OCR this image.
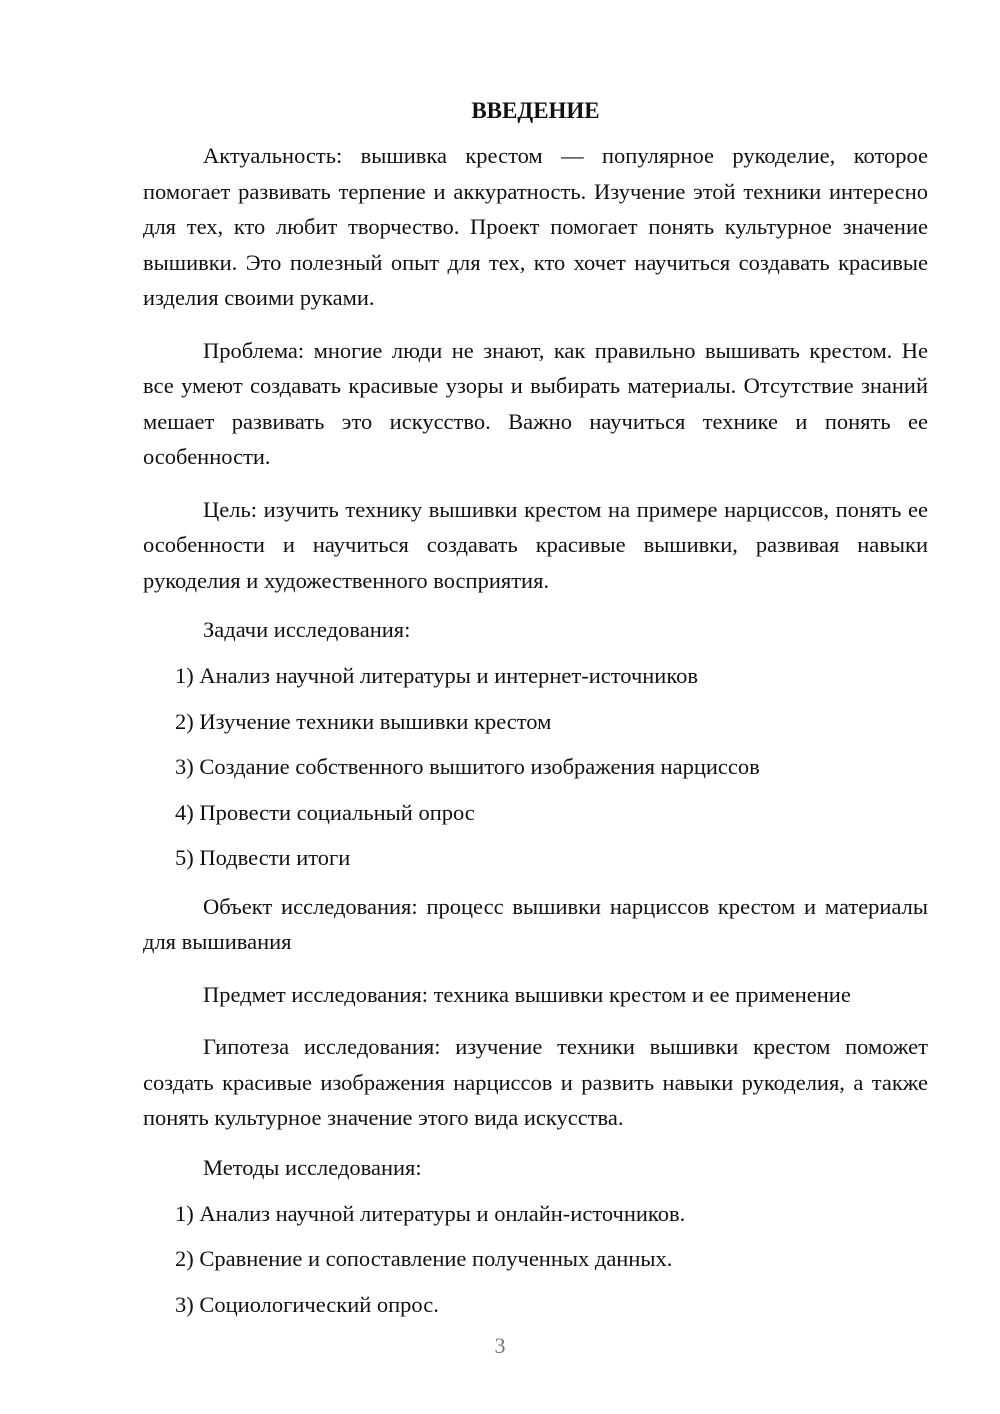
ВВЕДЕНИЕ

Актуальность: вышивка крестом — популярное рукоделие, которое помогает развивать терпение и аккуратность. Изучение этой техники интересно для тех, кто любит творчество. Проект помогает понять культурное значение вышивки. Это полезный опыт для тех, кто хочет научиться создавать красивые изделия своими руками.

Проблема: многие люди не знают, как правильно вышивать крестом. Не все умеют создавать красивые узоры и выбирать материалы. Отсутствие знаний мешает развивать это искусство. Важно научиться технике и понять ее особенности.

Цель: изучить технику вышивки крестом на примере нарциссов, понять ее особенности и научиться создавать красивые вышивки, развивая навыки рукоделия и художественного восприятия.

Задачи исследования:

1) Анализ научной литературы и интернет-источников
2) Изучение техники вышивки крестом
3) Создание собственного вышитого изображения нарциссов
4) Провести социальный опрос
5) Подвести итоги

Объект исследования: процесс вышивки нарциссов крестом и материалы для вышивания

Предмет исследования: техника вышивки крестом и ее применение

Гипотеза исследования: изучение техники вышивки крестом поможет создать красивые изображения нарциссов и развить навыки рукоделия, а также понять культурное значение этого вида искусства.

Методы исследования:

1) Анализ научной литературы и онлайн-источников.
2) Сравнение и сопоставление полученных данных.
3) Социологический опрос.
3
